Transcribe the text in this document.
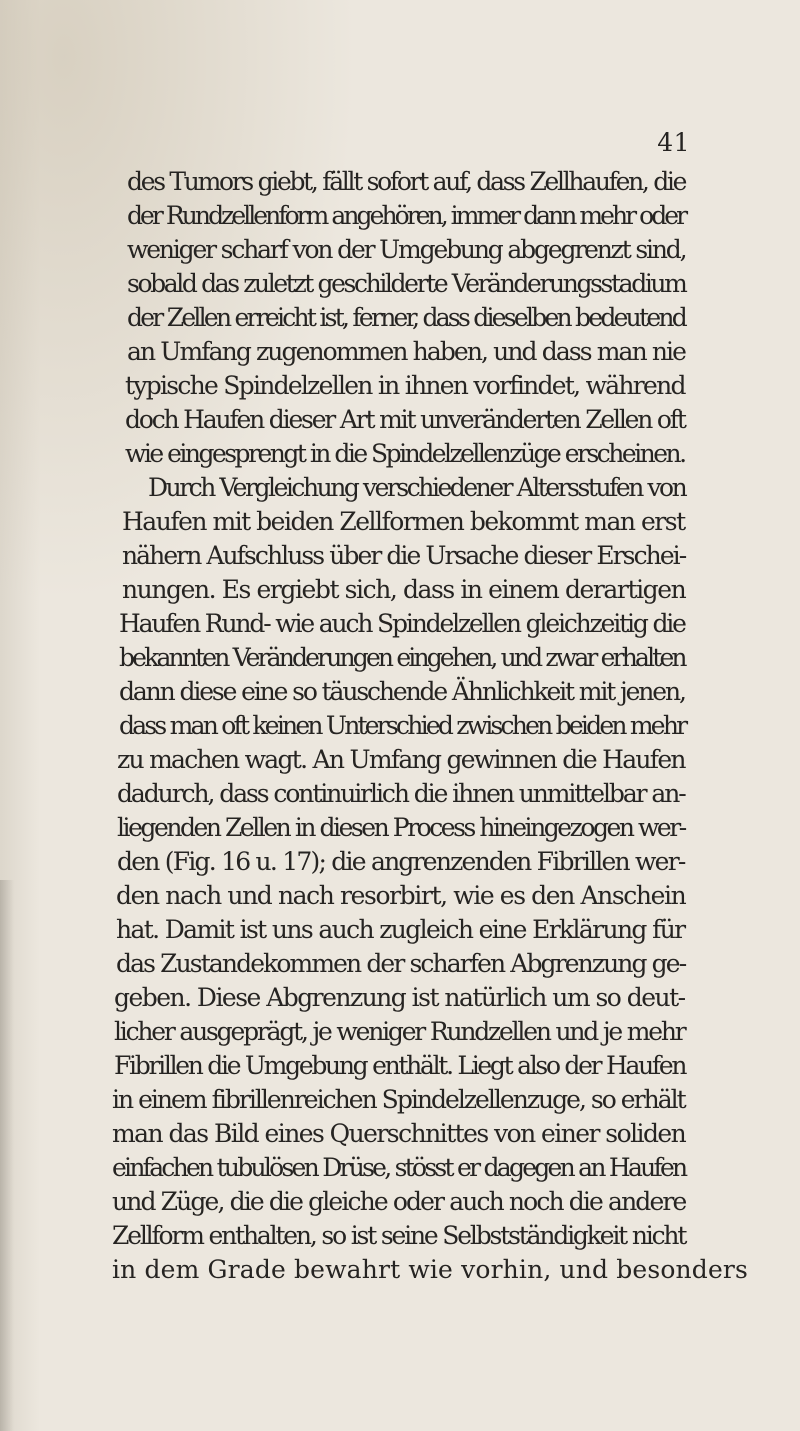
41
des Tumors giebt, fällt sofort auf, dass Zellhaufen, die
der Rundzellenform angehören, immer dann mehr oder
weniger scharf von der Umgebung abgegrenzt sind,
sobald das zuletzt geschilderte Veränderungsstadium
der Zellen erreicht ist, ferner, dass dieselben bedeutend
an Umfang zugenommen haben, und dass man nie
typische Spindelzellen in ihnen vorfindet, während
doch Haufen dieser Art mit unveränderten Zellen oft
wie eingesprengt in die Spindelzellenzüge erscheinen.
Durch Vergleichung verschiedener Altersstufen von
Haufen mit beiden Zellformen bekommt man erst
nähern Aufschluss über die Ursache dieser Erschei-
nungen. Es ergiebt sich, dass in einem derartigen
Haufen Rund- wie auch Spindelzellen gleichzeitig die
bekannten Veränderungen eingehen, und zwar erhalten
dann diese eine so täuschende Ähnlichkeit mit jenen,
dass man oft keinen Unterschied zwischen beiden mehr
zu machen wagt. An Umfang gewinnen die Haufen
dadurch, dass continuirlich die ihnen unmittelbar an-
liegenden Zellen in diesen Process hineingezogen wer-
den (Fig. 16 u. 17); die angrenzenden Fibrillen wer-
den nach und nach resorbirt, wie es den Anschein
hat. Damit ist uns auch zugleich eine Erklärung für
das Zustandekommen der scharfen Abgrenzung ge-
geben. Diese Abgrenzung ist natürlich um so deut-
licher ausgeprägt, je weniger Rundzellen und je mehr
Fibrillen die Umgebung enthält. Liegt also der Haufen
in einem fibrillenreichen Spindelzellenzuge, so erhält
man das Bild eines Querschnittes von einer soliden
einfachen tubulösen Drüse, stösst er dagegen an Haufen
und Züge, die die gleiche oder auch noch die andere
Zellform enthalten, so ist seine Selbstständigkeit nicht
in dem Grade bewahrt wie vorhin, und besonders
